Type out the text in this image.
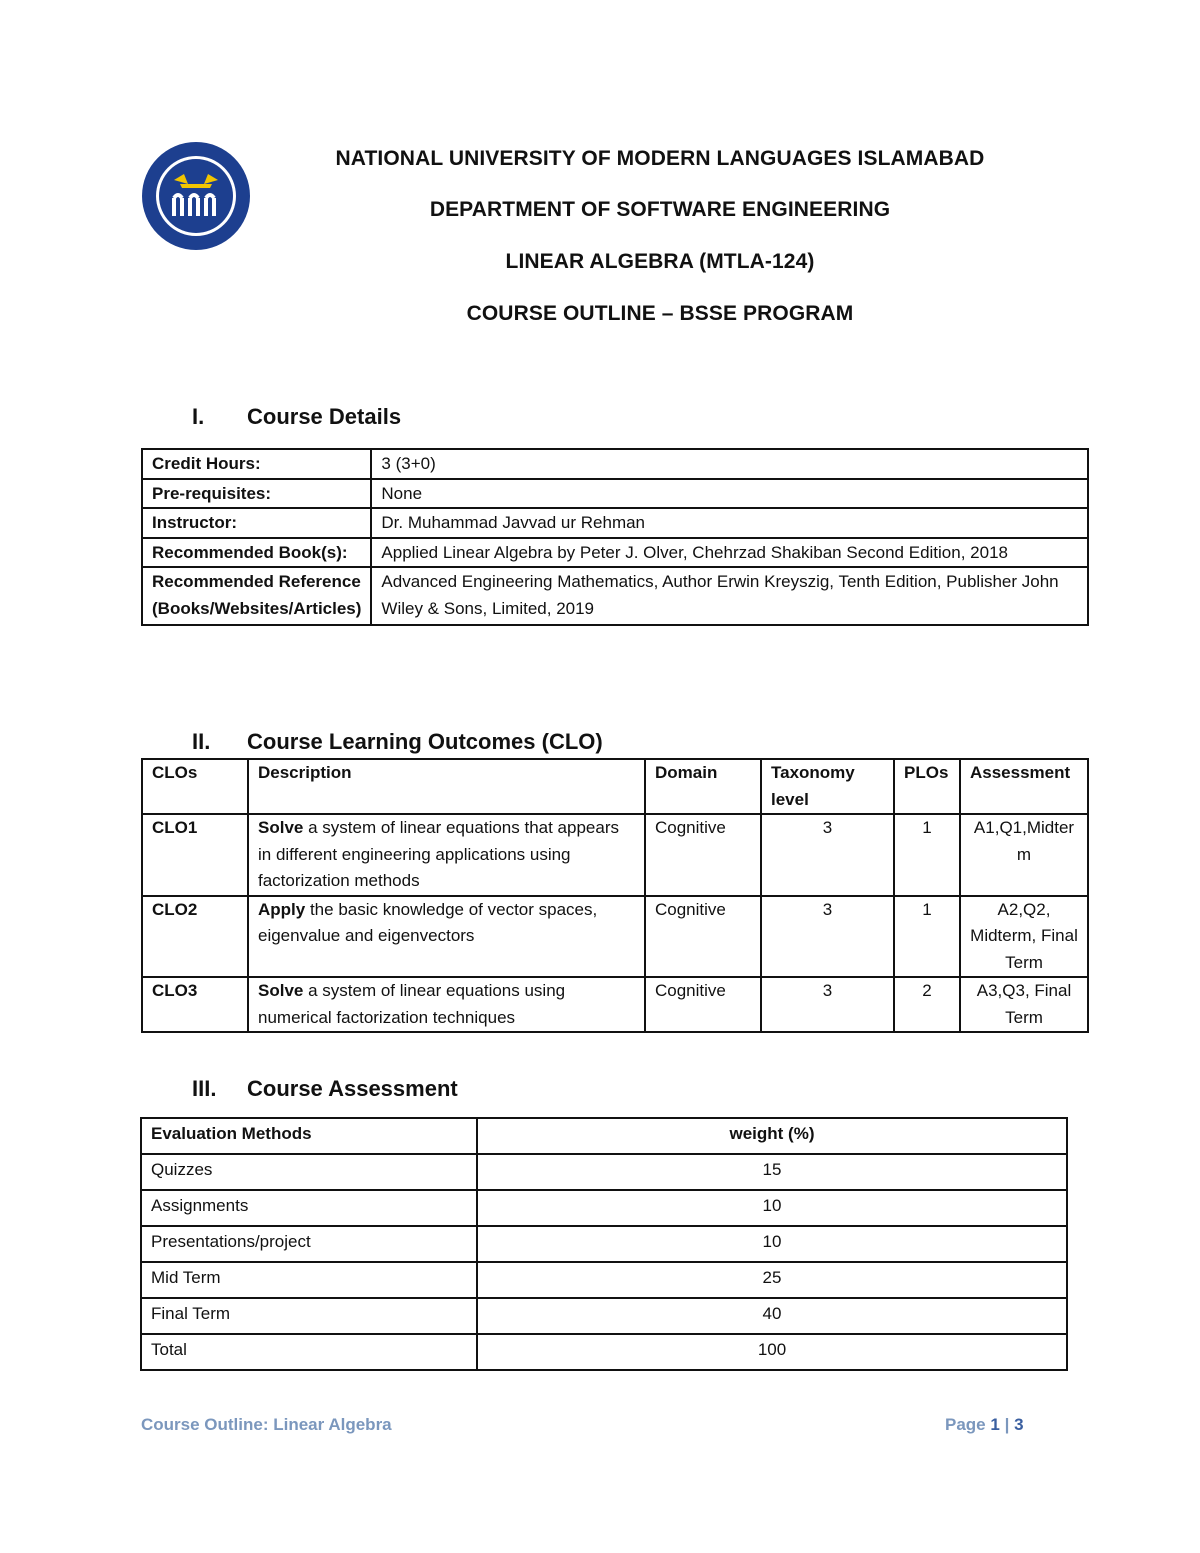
NATIONAL UNIVERSITY OF MODERN LANGUAGES ISLAMABAD
DEPARTMENT OF SOFTWARE ENGINEERING
LINEAR ALGEBRA (MTLA-124)
COURSE OUTLINE – BSSE PROGRAM
I. Course Details
Credit Hours:	3 (3+0)
Pre-requisites:	None
Instructor:	Dr. Muhammad Javvad ur Rehman
Recommended Book(s):	Applied Linear Algebra by Peter J. Olver, Chehrzad Shakiban Second Edition, 2018
Recommended Reference (Books/Websites/Articles)	Advanced Engineering Mathematics, Author Erwin Kreyszig, Tenth Edition, Publisher John Wiley & Sons, Limited, 2019
II. Course Learning Outcomes (CLO)
CLOs	Description	Domain	Taxonomy level	PLOs	Assessment
CLO1	Solve a system of linear equations that appears in different engineering applications using factorization methods	Cognitive	3	1	A1,Q1,Midterm
CLO2	Apply the basic knowledge of vector spaces, eigenvalue and eigenvectors	Cognitive	3	1	A2,Q2, Midterm, Final Term
CLO3	Solve a system of linear equations using numerical factorization techniques	Cognitive	3	2	A3,Q3, Final Term
III. Course Assessment
Evaluation Methods	weight (%)
Quizzes	15
Assignments	10
Presentations/project	10
Mid Term	25
Final Term	40
Total	100
Course Outline: Linear Algebra	Page 1 | 3
